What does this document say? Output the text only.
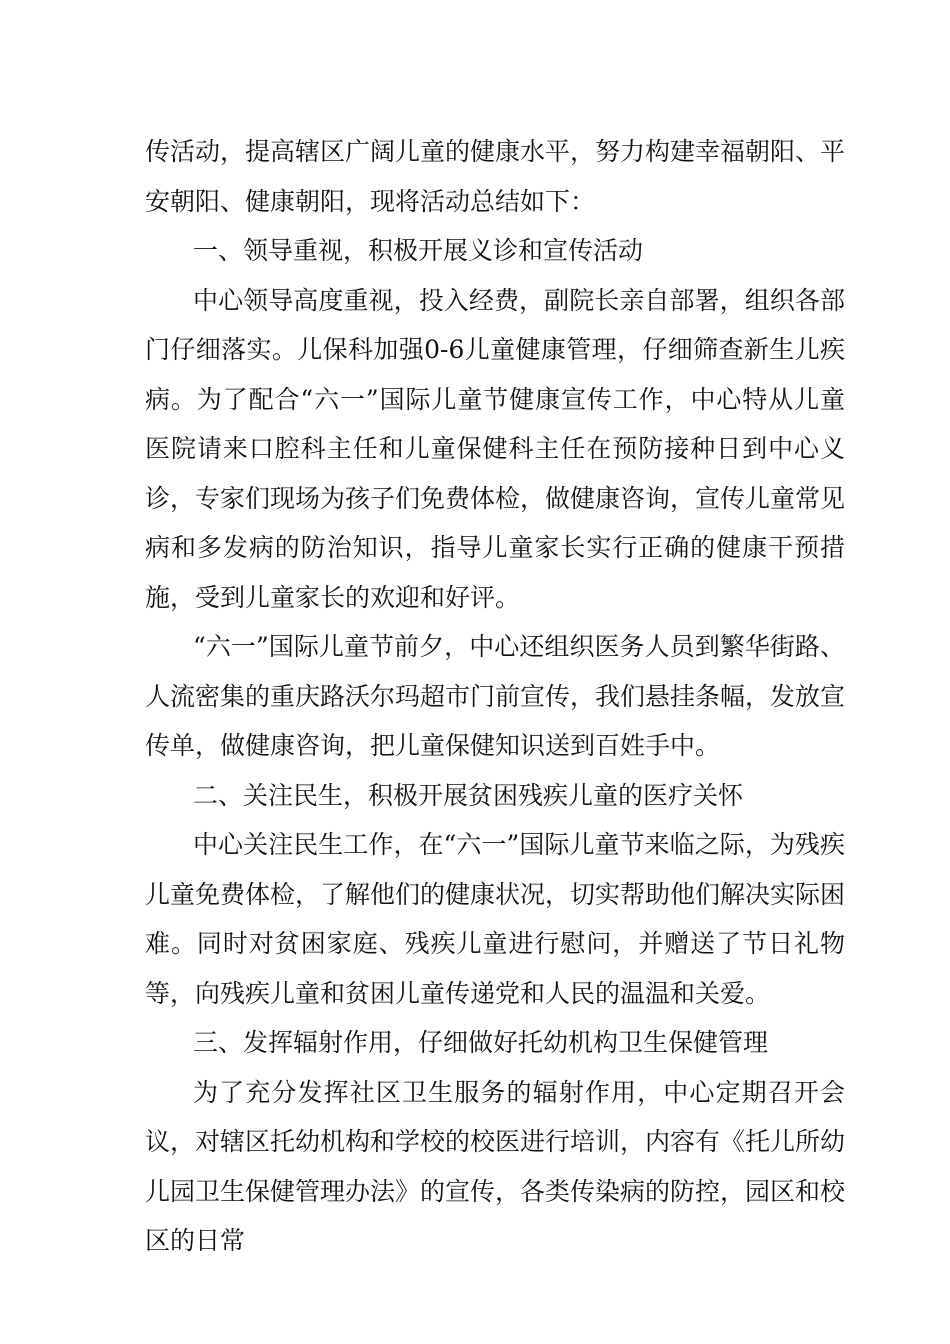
传活动，提高辖区广阔儿童的健康水平，努力构建幸福朝阳、平安朝阳、健康朝阳，现将活动总结如下：

一、领导重视，积极开展义诊和宣传活动

中心领导高度重视，投入经费，副院长亲自部署，组织各部门仔细落实。儿保科加强0-6儿童健康管理，仔细筛查新生儿疾病。为了配合“六一”国际儿童节健康宣传工作，中心特从儿童医院请来口腔科主任和儿童保健科主任在预防接种日到中心义诊，专家们现场为孩子们免费体检，做健康咨询，宣传儿童常见病和多发病的防治知识，指导儿童家长实行正确的健康干预措施，受到儿童家长的欢迎和好评。

“六一”国际儿童节前夕，中心还组织医务人员到繁华街路、人流密集的重庆路沃尔玛超市门前宣传，我们悬挂条幅，发放宣传单，做健康咨询，把儿童保健知识送到百姓手中。

二、关注民生，积极开展贫困残疾儿童的医疗关怀

中心关注民生工作，在“六一”国际儿童节来临之际，为残疾儿童免费体检，了解他们的健康状况，切实帮助他们解决实际困难。同时对贫困家庭、残疾儿童进行慰问，并赠送了节日礼物等，向残疾儿童和贫困儿童传递党和人民的温温和关爱。

三、发挥辐射作用，仔细做好托幼机构卫生保健管理

为了充分发挥社区卫生服务的辐射作用，中心定期召开会议，对辖区托幼机构和学校的校医进行培训，内容有《托儿所幼儿园卫生保健管理办法》的宣传，各类传染病的防控，园区和校区的日常
